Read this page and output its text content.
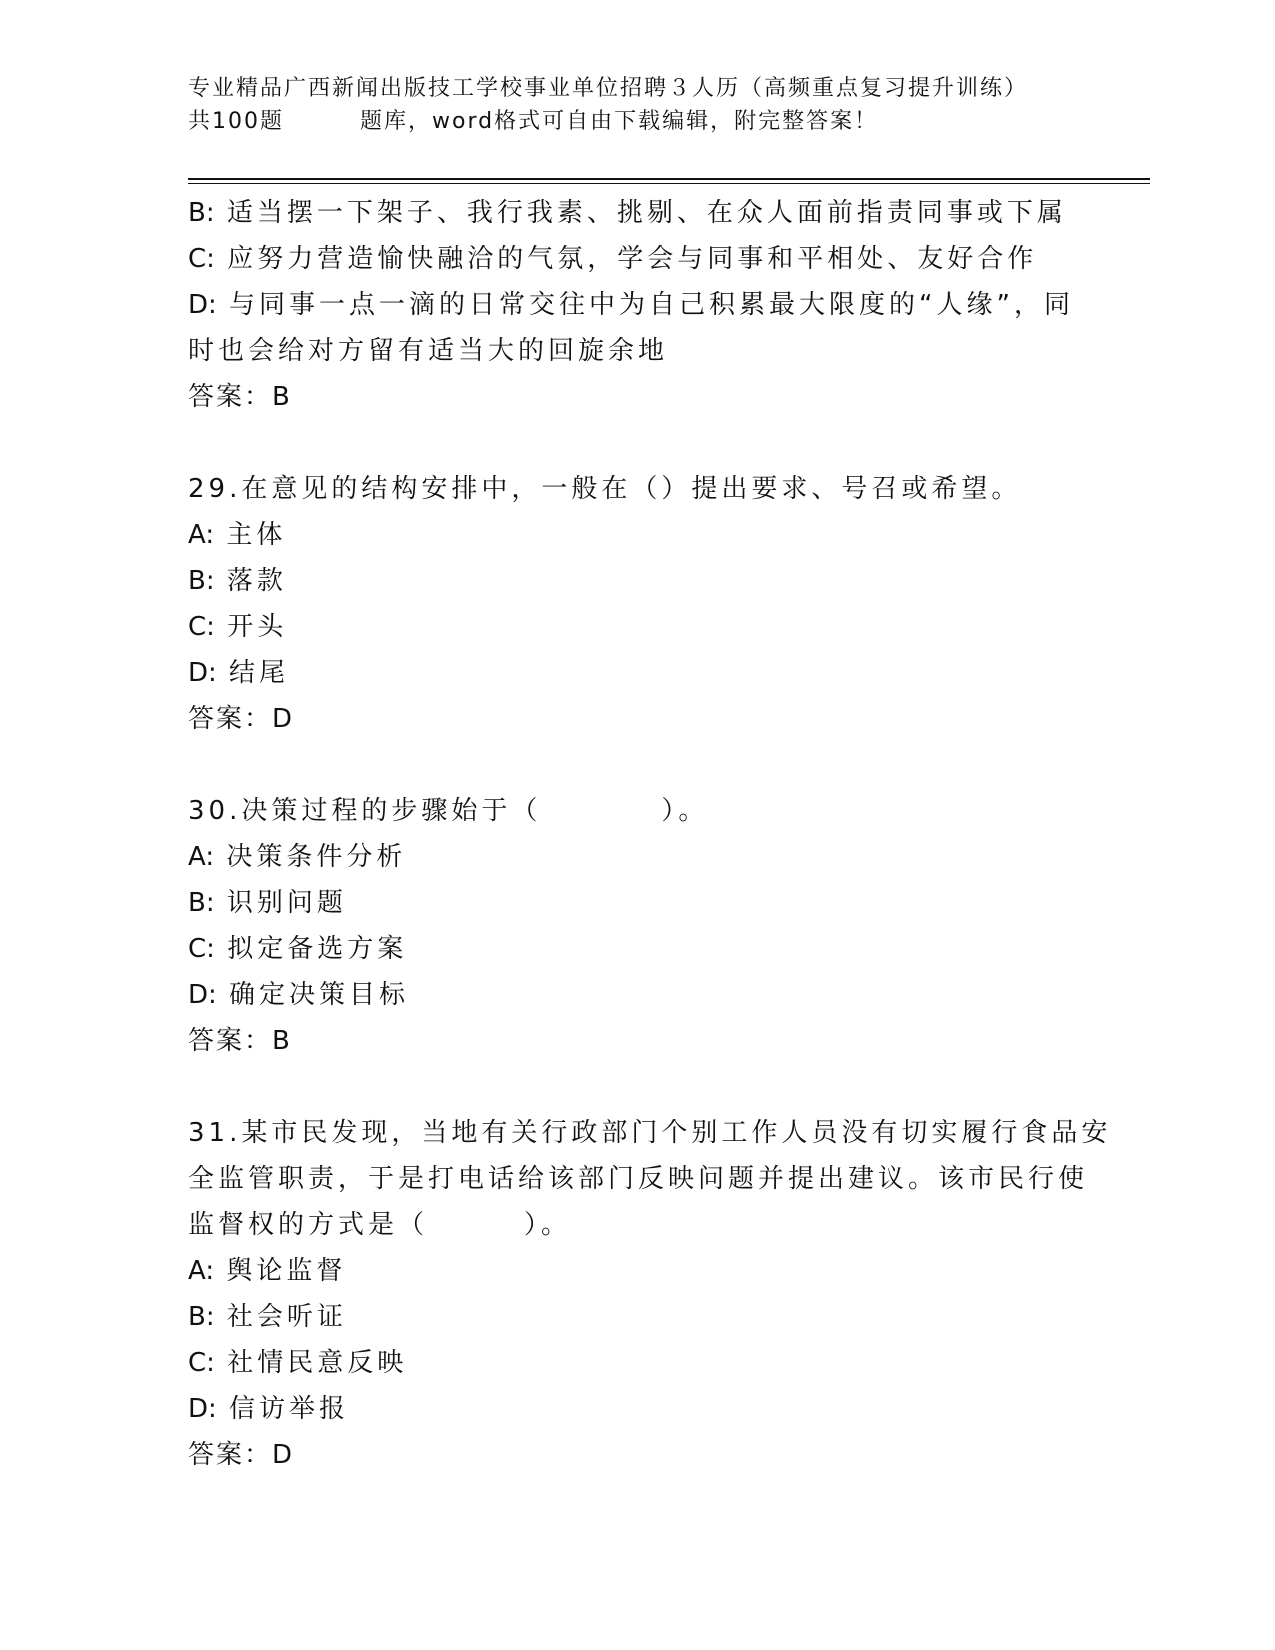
专业精品广西新闻出版技工学校事业单位招聘３人历（高频重点复习提升训练）
共100题	题库，word格式可自由下载编辑，附完整答案！
B: 适当摆一下架子、我行我素、挑剔、在众人面前指责同事或下属
C: 应努力营造愉快融洽的气氛，学会与同事和平相处、友好合作
D: 与同事一点一滴的日常交往中为自己积累最大限度的“人缘”，同
时也会给对方留有适当大的回旋余地
答案：B
29.在意见的结构安排中，一般在（）提出要求、号召或希望。
A: 主体
B: 落款
C: 开头
D: 结尾
答案：D
30.决策过程的步骤始于（	）。
A: 决策条件分析
B: 识别问题
C: 拟定备选方案
D: 确定决策目标
答案：B
31.某市民发现，当地有关行政部门个别工作人员没有切实履行食品安
全监管职责，于是打电话给该部门反映问题并提出建议。该市民行使
监督权的方式是（	）。
A: 舆论监督
B: 社会听证
C: 社情民意反映
D: 信访举报
答案：D
